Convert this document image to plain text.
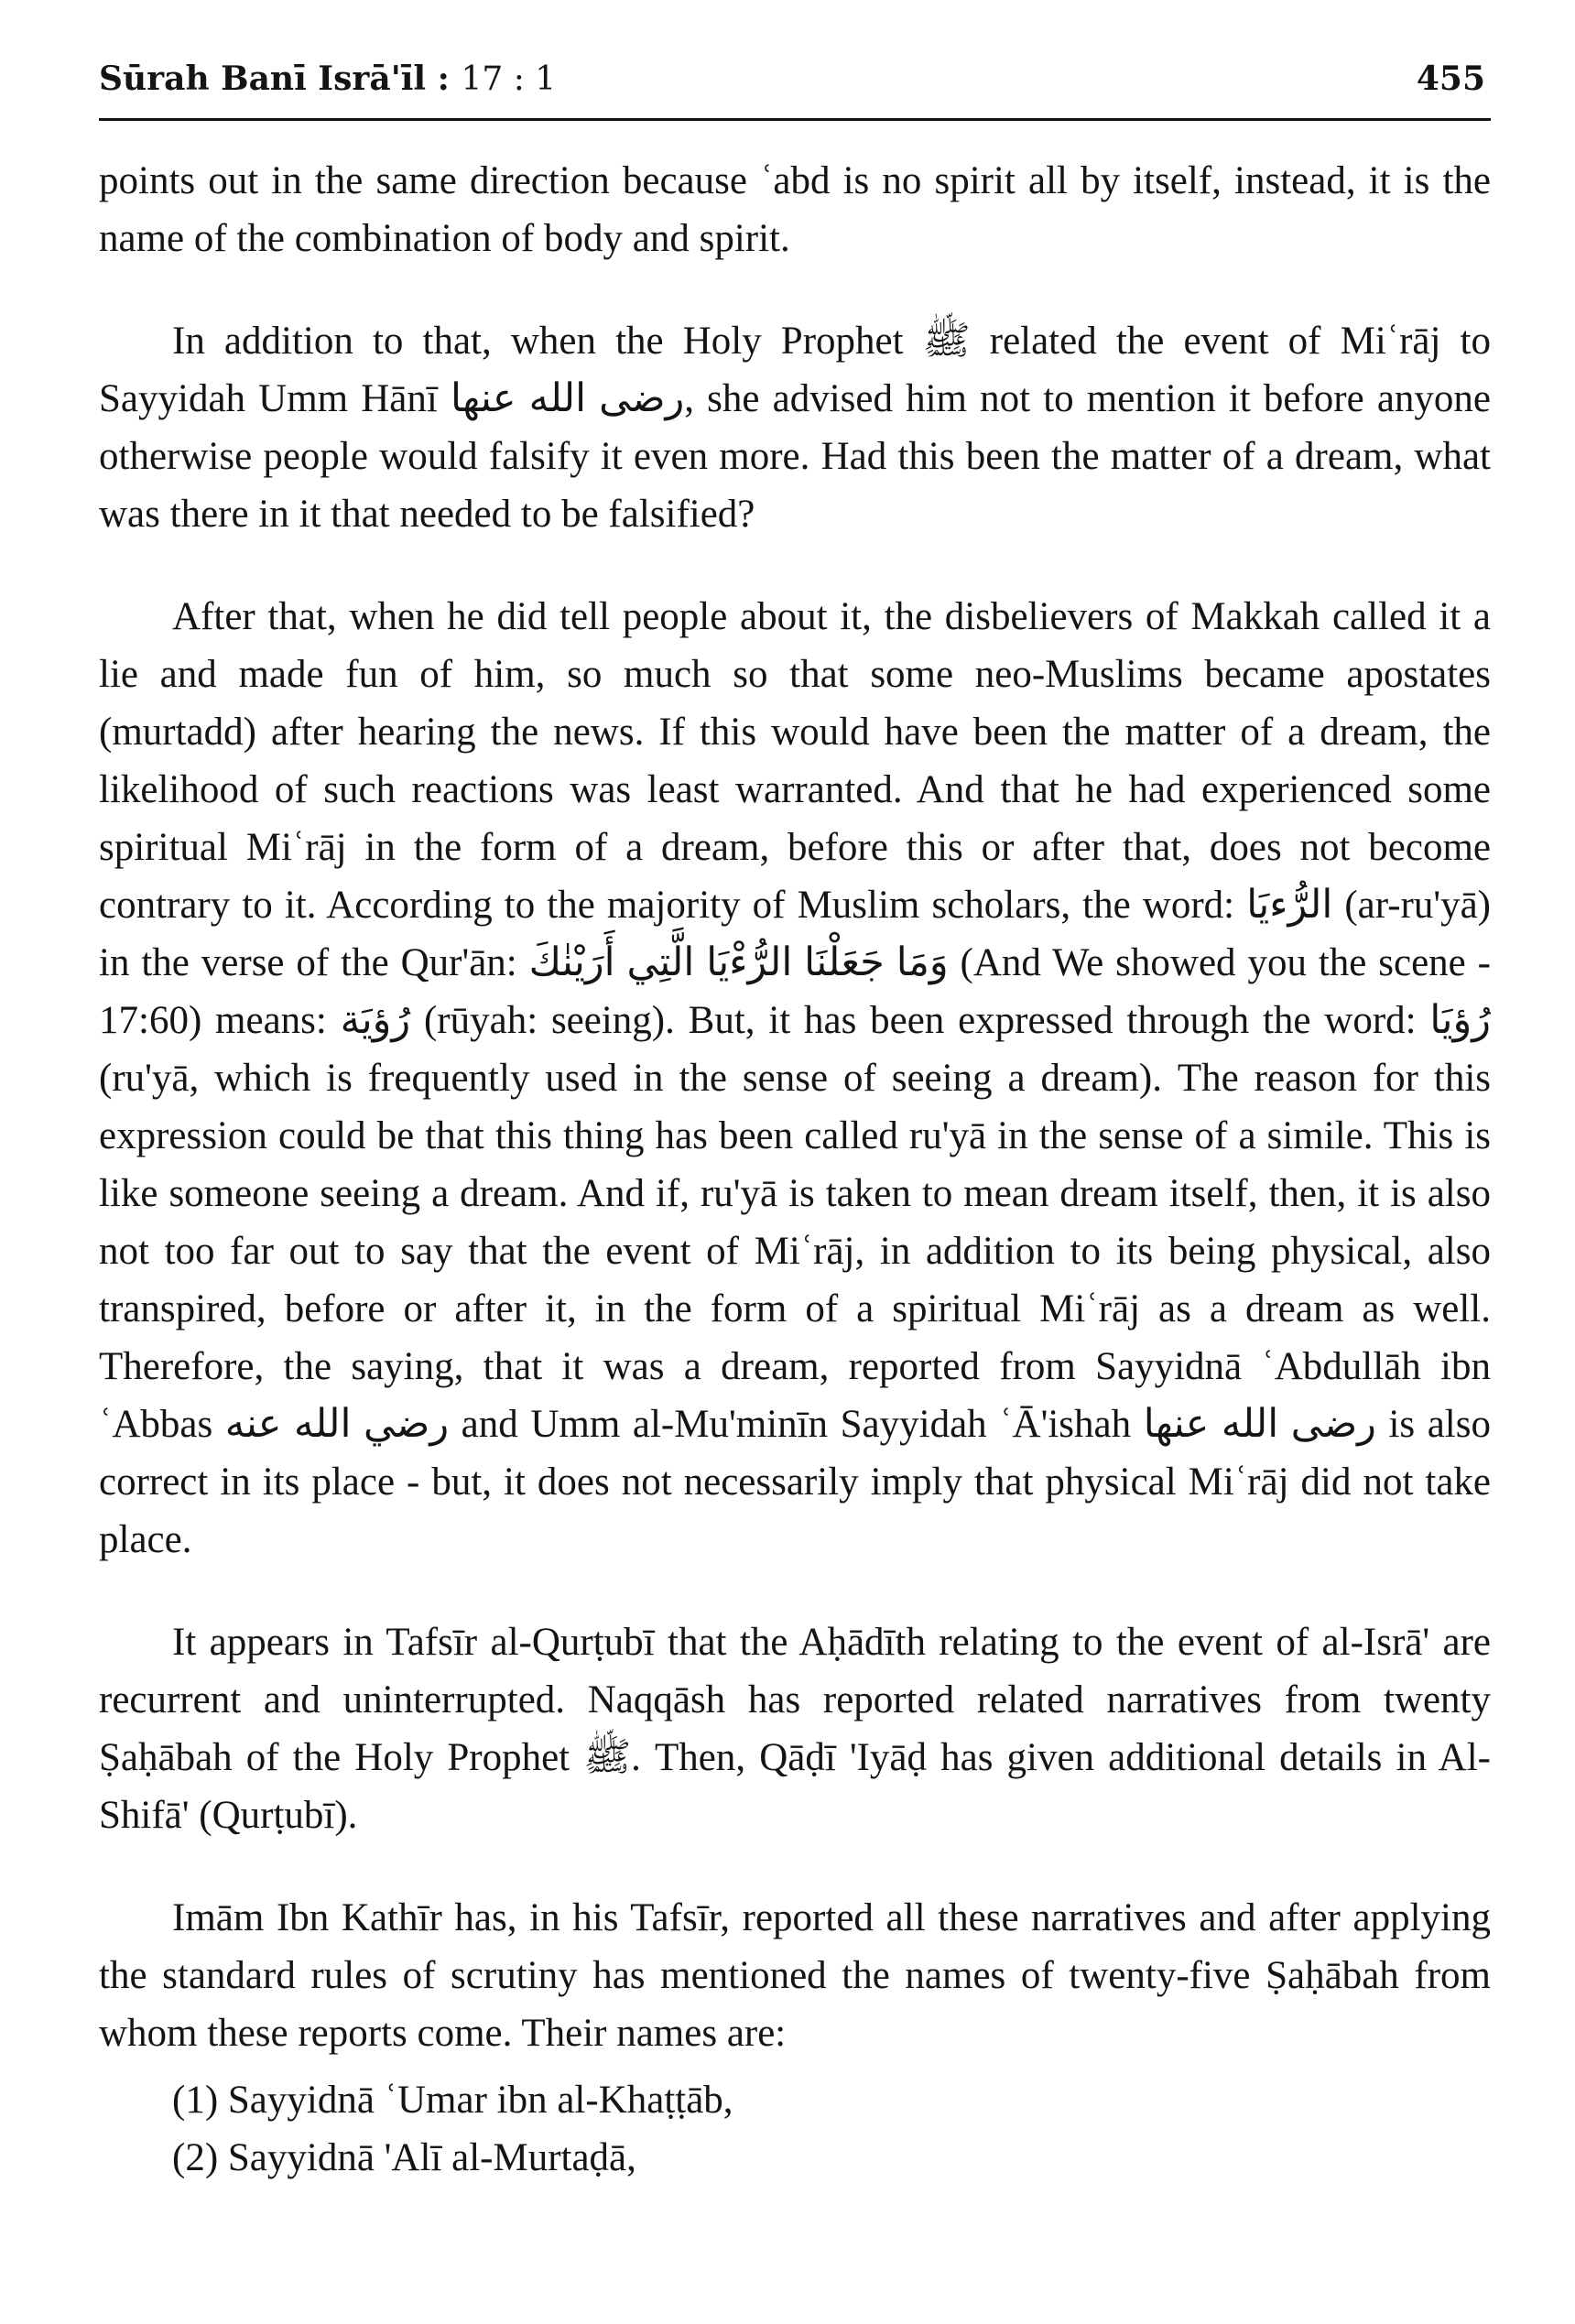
Sūrah Banī Isrā'īl : 17 : 1	455

points out in the same direction because ʿabd is no spirit all by itself, instead, it is the name of the combination of body and spirit.

In addition to that, when the Holy Prophet ﷺ related the event of Miʿrāj to Sayyidah Umm Hānī رضى الله عنها, she advised him not to mention it before anyone otherwise people would falsify it even more. Had this been the matter of a dream, what was there in it that needed to be falsified?

After that, when he did tell people about it, the disbelievers of Makkah called it a lie and made fun of him, so much so that some neo-Muslims became apostates (murtadd) after hearing the news. If this would have been the matter of a dream, the likelihood of such reactions was least warranted. And that he had experienced some spiritual Miʿrāj in the form of a dream, before this or after that, does not become contrary to it. According to the majority of Muslim scholars, the word: الرُّءيَا (ar-ru'yā) in the verse of the Qur'ān: وَمَا جَعَلْنَا الرُّءْيَا الَّتِي أَرَيْنٰكَ (And We showed you the scene - 17:60) means: رُؤيَة (rūyah: seeing). But, it has been expressed through the word: رُؤيَا (ru'yā, which is frequently used in the sense of seeing a dream). The reason for this expression could be that this thing has been called ru'yā in the sense of a simile. This is like someone seeing a dream. And if, ru'yā is taken to mean dream itself, then, it is also not too far out to say that the event of Miʿrāj, in addition to its being physical, also transpired, before or after it, in the form of a spiritual Miʿrāj as a dream as well. Therefore, the saying, that it was a dream, reported from Sayyidnā ʿAbdullāh ibn ʿAbbas رضي الله عنه and Umm al-Mu'minīn Sayyidah ʿĀ'ishah رضى الله عنها is also correct in its place - but, it does not necessarily imply that physical Miʿrāj did not take place.

It appears in Tafsīr al-Qurṭubī that the Aḥādīth relating to the event of al-Isrā' are recurrent and uninterrupted. Naqqāsh has reported related narratives from twenty Ṣaḥābah of the Holy Prophet ﷺ. Then, Qāḍī 'Iyāḍ has given additional details in Al-Shifā' (Qurṭubī).

Imām Ibn Kathīr has, in his Tafsīr, reported all these narratives and after applying the standard rules of scrutiny has mentioned the names of twenty-five Ṣaḥābah from whom these reports come. Their names are:

(1) Sayyidnā ʿUmar ibn al-Khaṭṭāb,

(2) Sayyidnā 'Alī al-Murtaḍā,
